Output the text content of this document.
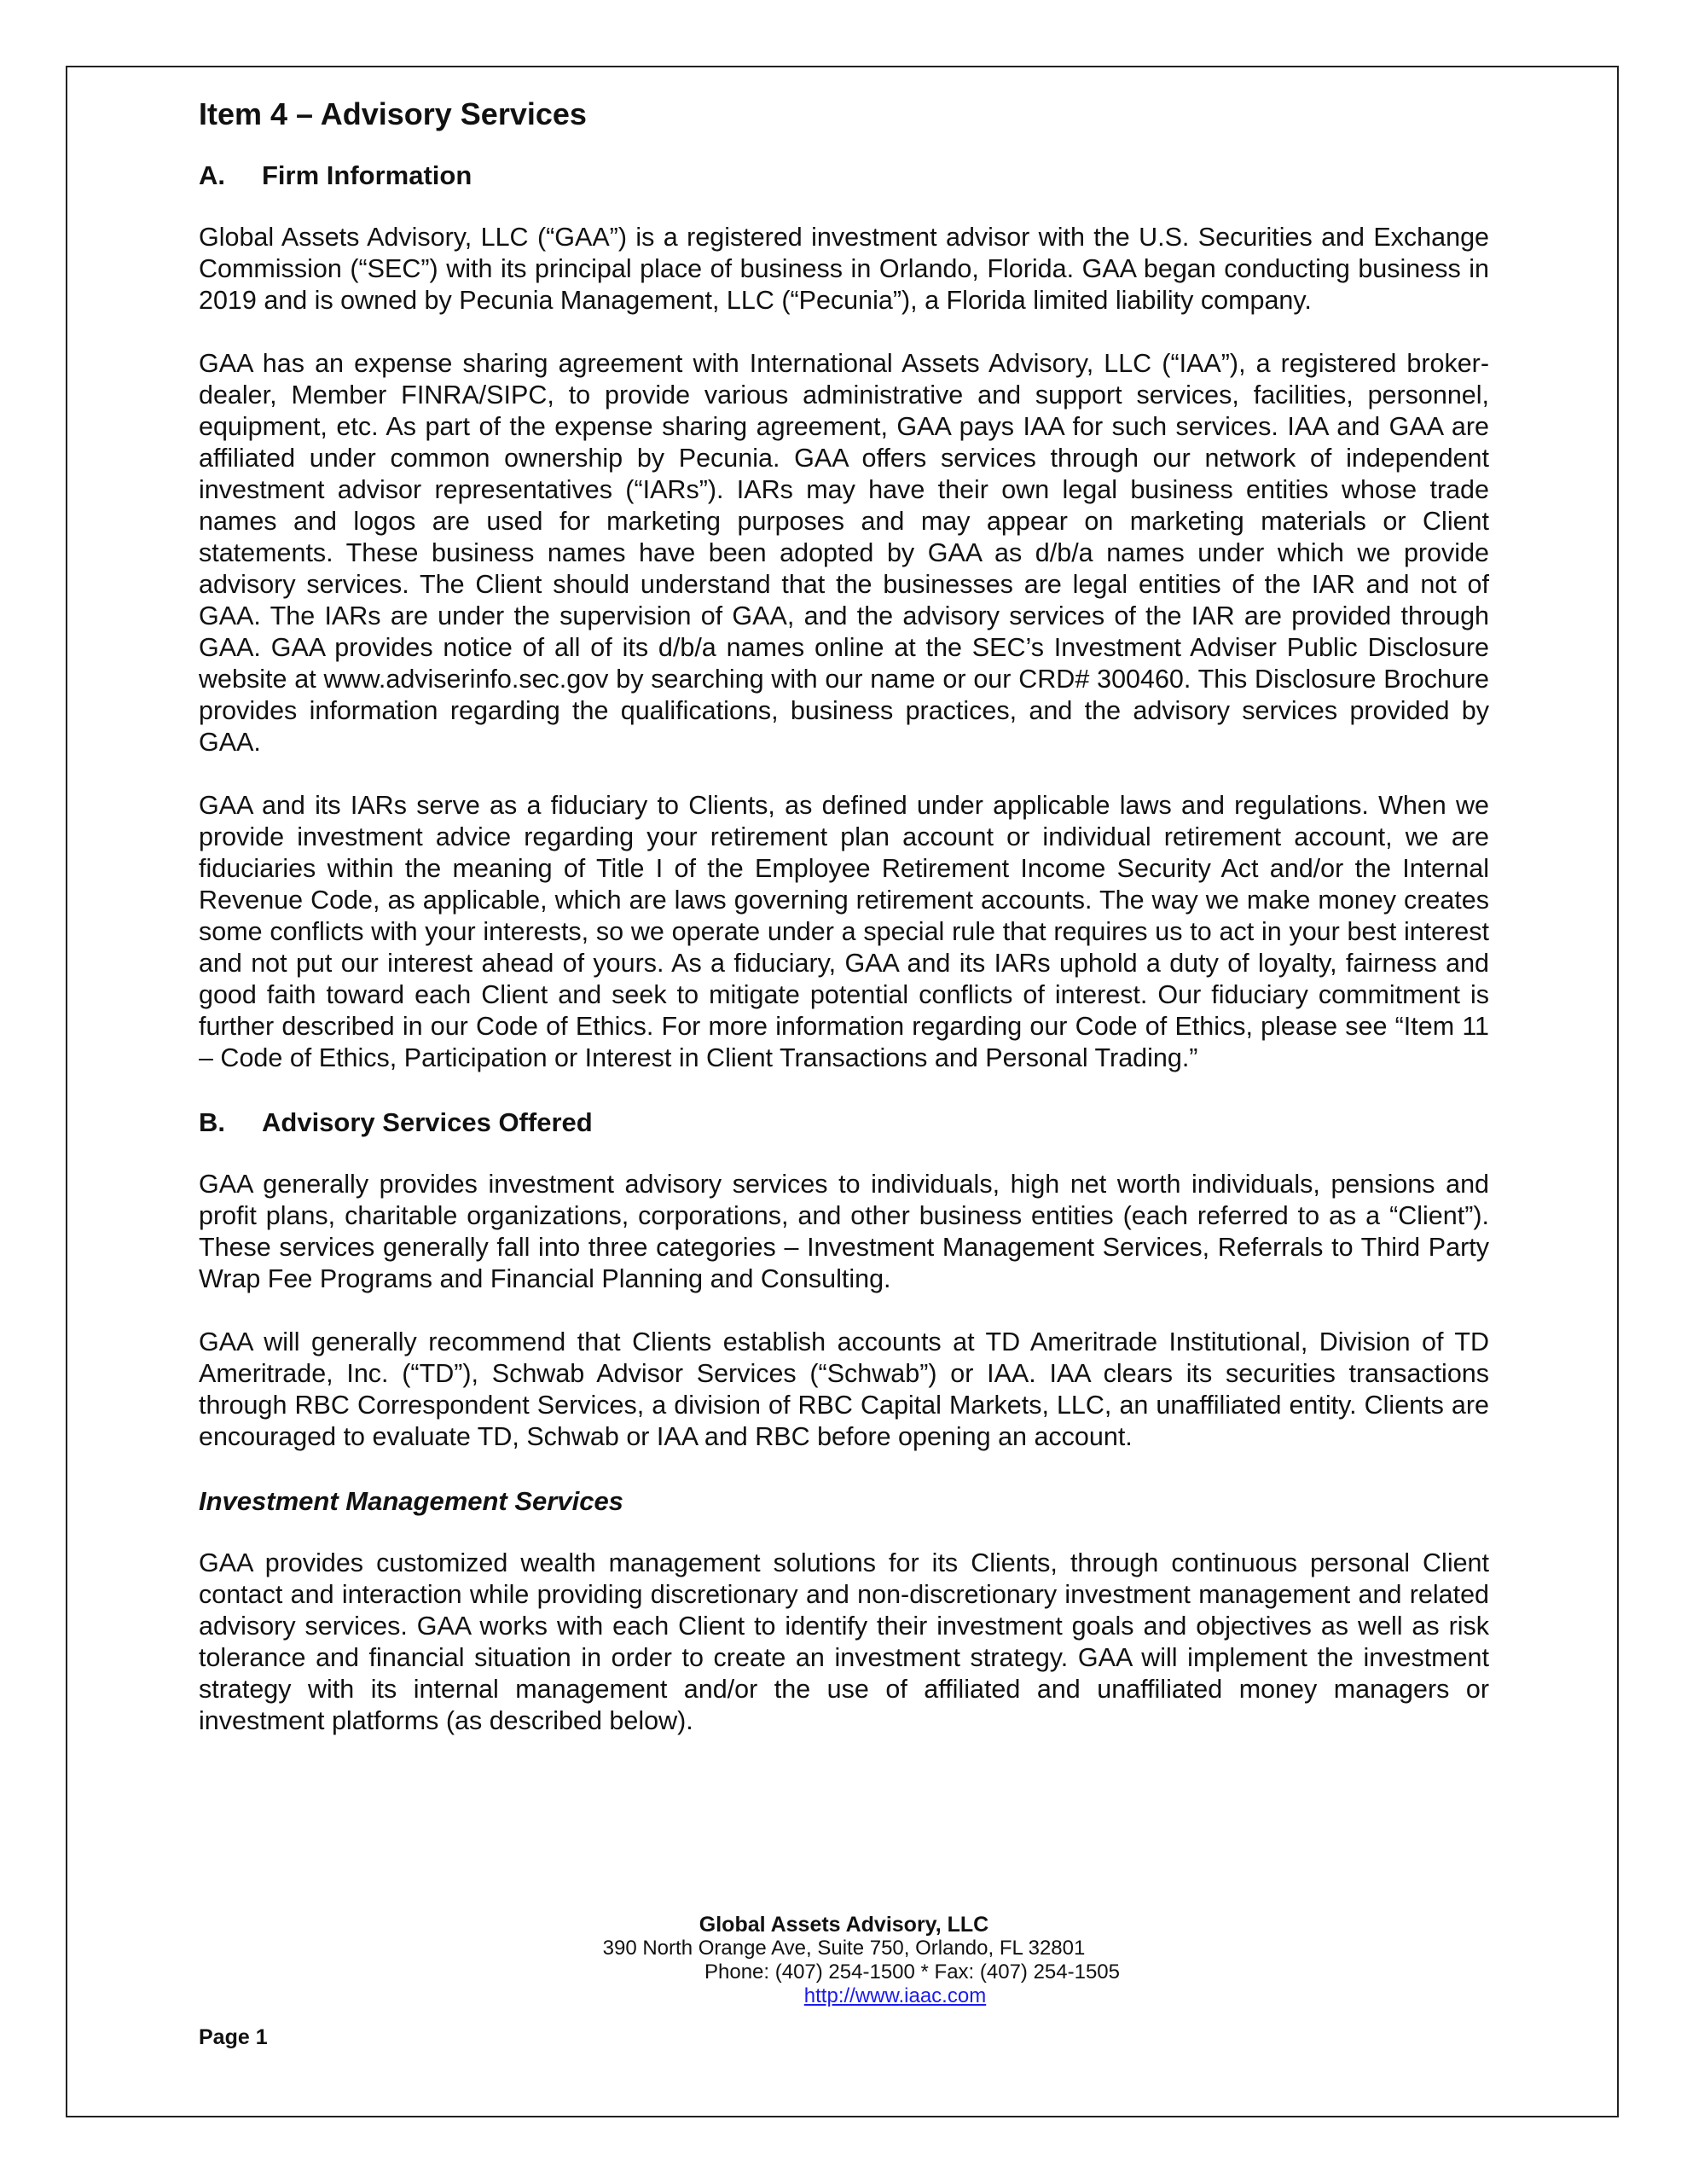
Item 4 – Advisory Services
A.	Firm Information

Global Assets Advisory, LLC (“GAA”) is a registered investment advisor with the U.S. Securities and Exchange Commission (“SEC”) with its principal place of business in Orlando, Florida. GAA began conducting business in 2019 and is owned by Pecunia Management, LLC (“Pecunia”), a Florida limited liability company.

GAA has an expense sharing agreement with International Assets Advisory, LLC (“IAA”), a registered broker-dealer, Member FINRA/SIPC, to provide various administrative and support services, facilities, personnel, equipment, etc. As part of the expense sharing agreement, GAA pays IAA for such services. IAA and GAA are affiliated under common ownership by Pecunia. GAA offers services through our network of independent investment advisor representatives (“IARs”). IARs may have their own legal business entities whose trade names and logos are used for marketing purposes and may appear on marketing materials or Client statements. These business names have been adopted by GAA as d/b/a names under which we provide advisory services. The Client should understand that the businesses are legal entities of the IAR and not of GAA. The IARs are under the supervision of GAA, and the advisory services of the IAR are provided through GAA. GAA provides notice of all of its d/b/a names online at the SEC’s Investment Adviser Public Disclosure website at www.adviserinfo.sec.gov by searching with our name or our CRD# 300460. This Disclosure Brochure provides information regarding the qualifications, business practices, and the advisory services provided by GAA.

GAA and its IARs serve as a fiduciary to Clients, as defined under applicable laws and regulations. When we provide investment advice regarding your retirement plan account or individual retirement account, we are fiduciaries within the meaning of Title I of the Employee Retirement Income Security Act and/or the Internal Revenue Code, as applicable, which are laws governing retirement accounts. The way we make money creates some conflicts with your interests, so we operate under a special rule that requires us to act in your best interest and not put our interest ahead of yours. As a fiduciary, GAA and its IARs uphold a duty of loyalty, fairness and good faith toward each Client and seek to mitigate potential conflicts of interest. Our fiduciary commitment is further described in our Code of Ethics. For more information regarding our Code of Ethics, please see “Item 11 – Code of Ethics, Participation or Interest in Client Transactions and Personal Trading.”

B.	Advisory Services Offered

GAA generally provides investment advisory services to individuals, high net worth individuals, pensions and profit plans, charitable organizations, corporations, and other business entities (each referred to as a “Client”). These services generally fall into three categories – Investment Management Services, Referrals to Third Party Wrap Fee Programs and Financial Planning and Consulting.

GAA will generally recommend that Clients establish accounts at TD Ameritrade Institutional, Division of TD Ameritrade, Inc. (“TD”), Schwab Advisor Services (“Schwab”) or IAA. IAA clears its securities transactions through RBC Correspondent Services, a division of RBC Capital Markets, LLC, an unaffiliated entity. Clients are encouraged to evaluate TD, Schwab or IAA and RBC before opening an account.

Investment Management Services

GAA provides customized wealth management solutions for its Clients, through continuous personal Client contact and interaction while providing discretionary and non-discretionary investment management and related advisory services. GAA works with each Client to identify their investment goals and objectives as well as risk tolerance and financial situation in order to create an investment strategy. GAA will implement the investment strategy with its internal management and/or the use of affiliated and unaffiliated money managers or investment platforms (as described below).

Global Assets Advisory, LLC
390 North Orange Ave, Suite 750, Orlando, FL 32801
Phone: (407) 254-1500 * Fax: (407) 254-1505
http://www.iaac.com
Page 1
